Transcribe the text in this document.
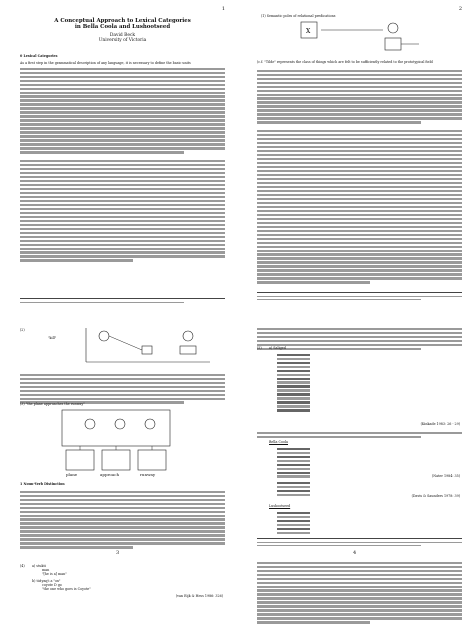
1
A Conceptual Approach to Lexical Categories
in Bella Coola and Lushootseed
David Beck
University of Victoria
0 Lexical Categories
As a first step in the grammatical description of any language, it is necessary to define the basic units
2
(1) Semantic poles of relational predications
X
(c.f. "Tilde" represents the class of things which are felt to be sufficiently related to the prototypical field
(2)
"kill"
(3) "the plane approaches the runway"
plane	approach	runway
1 Noun-Verb Distinction
(4) a) stukti
man
"[he is a] man"
b) ti#yaq'i a "ox"
coyote D go
"the one who goes is Coyote"
(van Eijk & Hess 1986: 326)
3
(5) a) Saliged
(Kinkade 1983: 26 - 29)
Bella Coola
(Nater 1984: 35)
(Davis & Saunders 1978: 39)
Lushootseed
4
